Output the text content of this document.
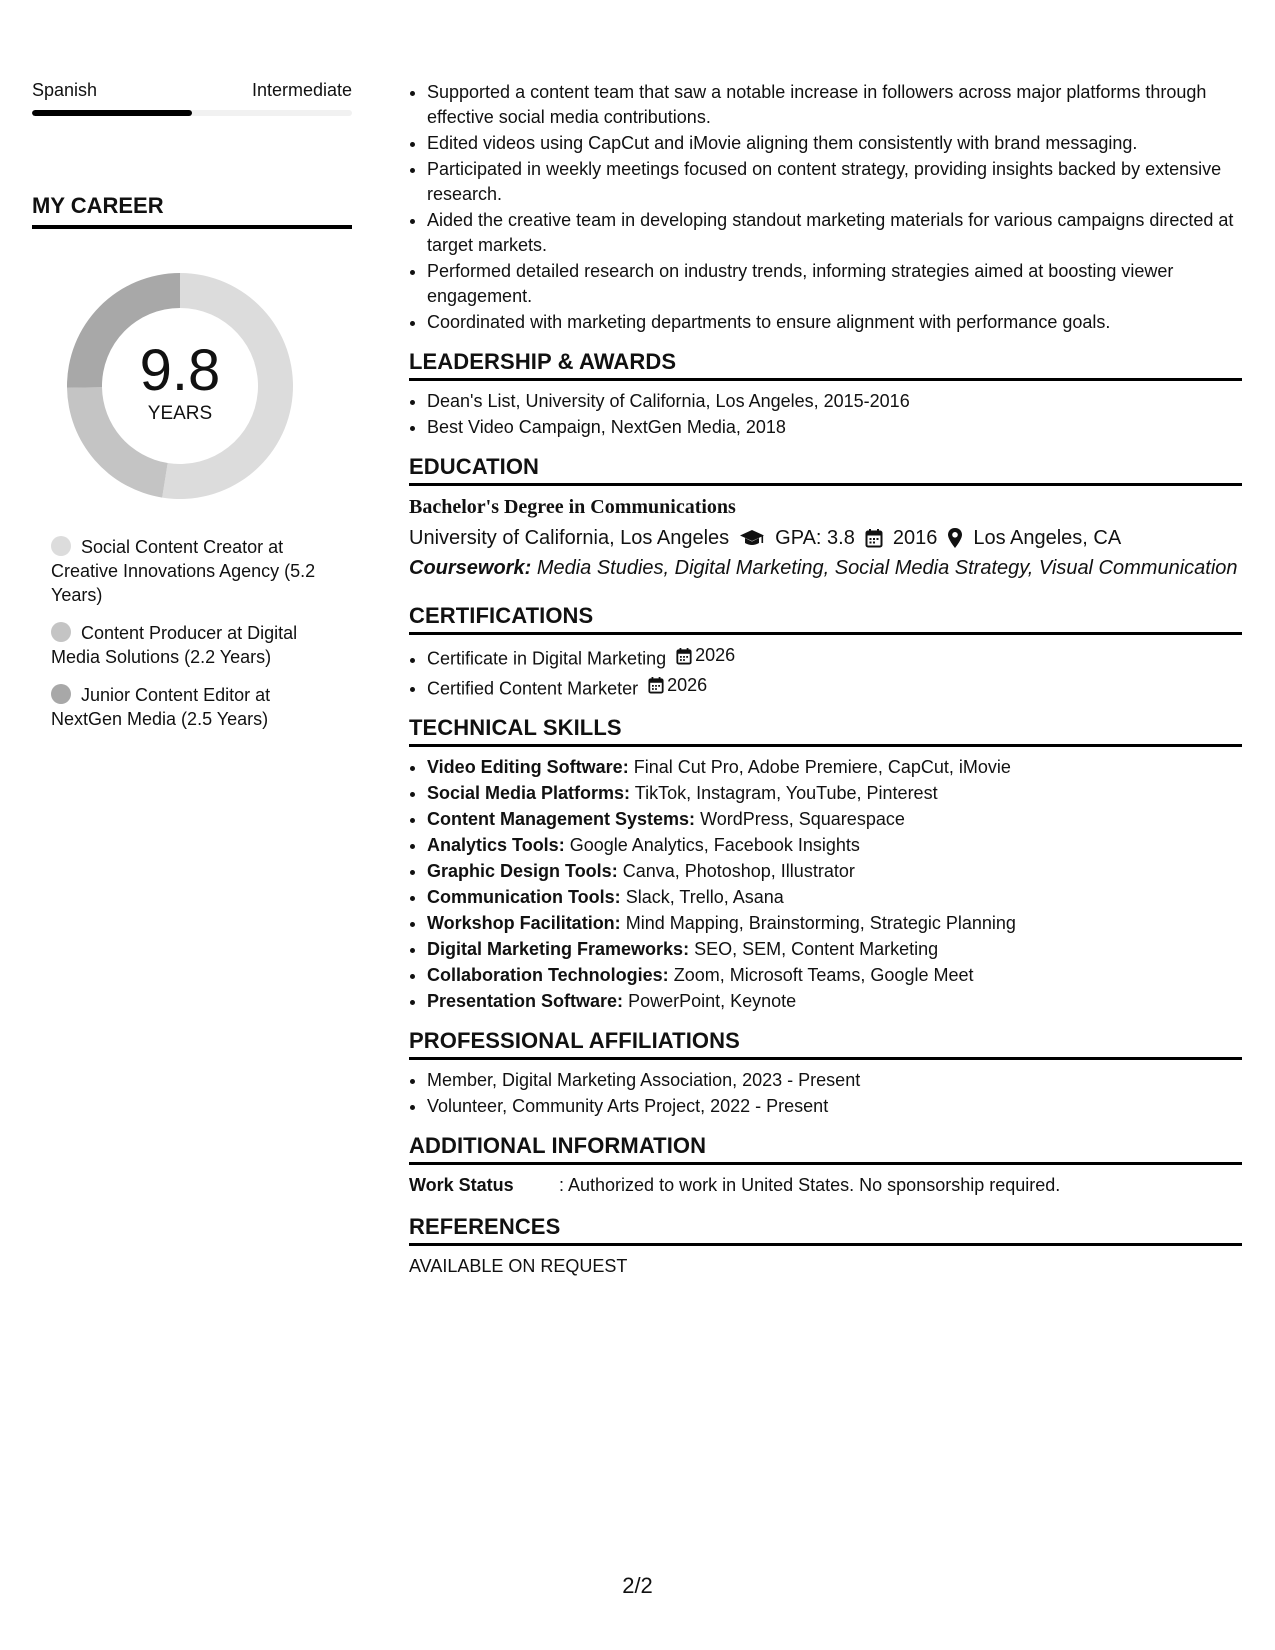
Spanish	Intermediate
MY CAREER
9.8
YEARS
Social Content Creator at Creative Innovations Agency (5.2 Years)
Content Producer at Digital Media Solutions (2.2 Years)
Junior Content Editor at NextGen Media (2.5 Years)
• Supported a content team that saw a notable increase in followers across major platforms through effective social media contributions.
• Edited videos using CapCut and iMovie aligning them consistently with brand messaging.
• Participated in weekly meetings focused on content strategy, providing insights backed by extensive research.
• Aided the creative team in developing standout marketing materials for various campaigns directed at target markets.
• Performed detailed research on industry trends, informing strategies aimed at boosting viewer engagement.
• Coordinated with marketing departments to ensure alignment with performance goals.
LEADERSHIP & AWARDS
• Dean's List, University of California, Los Angeles, 2015-2016
• Best Video Campaign, NextGen Media, 2018
EDUCATION
Bachelor's Degree in Communications
University of California, Los Angeles GPA: 3.8 2016 Los Angeles, CA
Coursework: Media Studies, Digital Marketing, Social Media Strategy, Visual Communication
CERTIFICATIONS
• Certificate in Digital Marketing 2026
• Certified Content Marketer 2026
TECHNICAL SKILLS
• Video Editing Software: Final Cut Pro, Adobe Premiere, CapCut, iMovie
• Social Media Platforms: TikTok, Instagram, YouTube, Pinterest
• Content Management Systems: WordPress, Squarespace
• Analytics Tools: Google Analytics, Facebook Insights
• Graphic Design Tools: Canva, Photoshop, Illustrator
• Communication Tools: Slack, Trello, Asana
• Workshop Facilitation: Mind Mapping, Brainstorming, Strategic Planning
• Digital Marketing Frameworks: SEO, SEM, Content Marketing
• Collaboration Technologies: Zoom, Microsoft Teams, Google Meet
• Presentation Software: PowerPoint, Keynote
PROFESSIONAL AFFILIATIONS
• Member, Digital Marketing Association, 2023 - Present
• Volunteer, Community Arts Project, 2022 - Present
ADDITIONAL INFORMATION
Work Status	: Authorized to work in United States. No sponsorship required.
REFERENCES
AVAILABLE ON REQUEST
2/2
